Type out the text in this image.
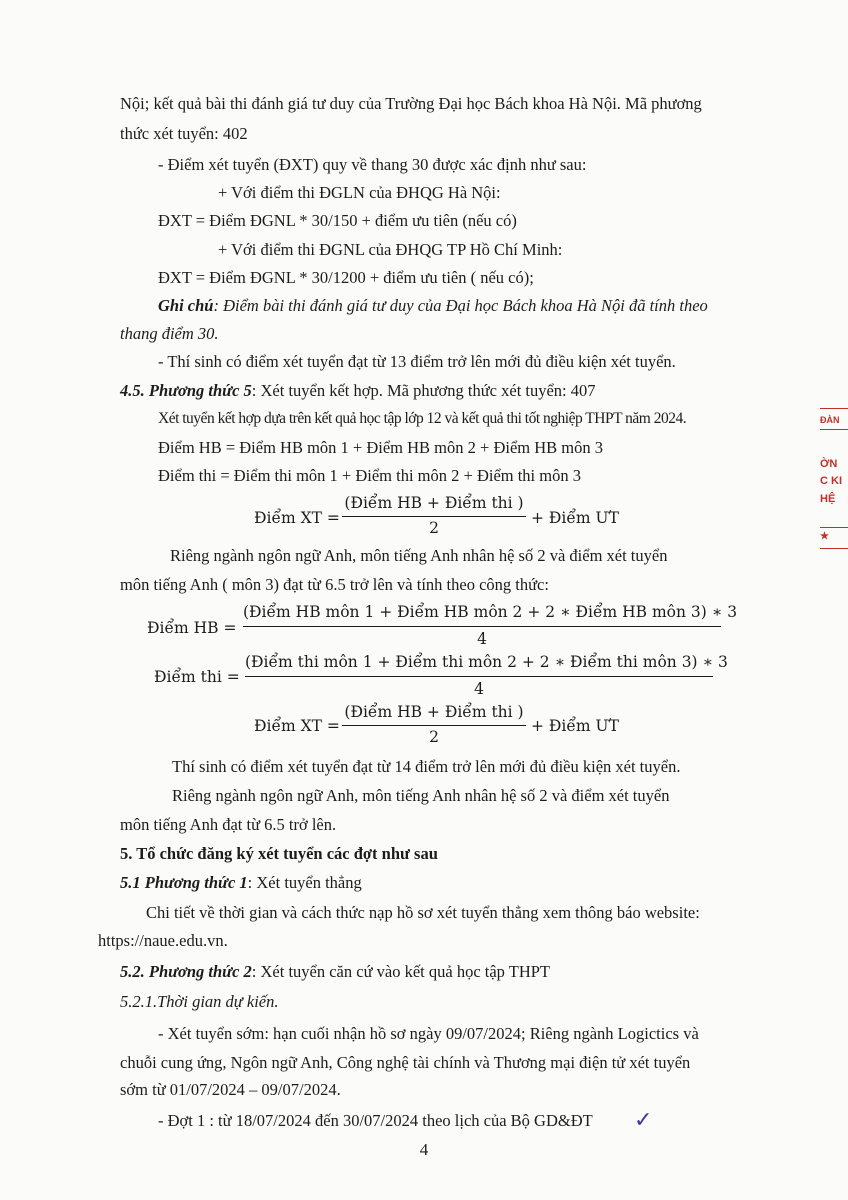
Nội; kết quả bài thi đánh giá tư duy của Trường Đại học Bách khoa Hà Nội. Mã phương
thức xét tuyển: 402
- Điểm xét tuyển (ĐXT) quy về thang 30 được xác định như sau:
+ Với điểm thi ĐGLN của ĐHQG Hà Nội:
ĐXT = Điểm ĐGNL * 30/150 + điểm ưu tiên (nếu có)
+ Với điểm thi ĐGNL của ĐHQG TP Hồ Chí Minh:
ĐXT = Điểm ĐGNL * 30/1200 + điểm ưu tiên ( nếu có);
Ghi chú: Điểm bài thi đánh giá tư duy của Đại học Bách khoa Hà Nội đã tính theo
thang điểm 30.
- Thí sinh có điểm xét tuyển đạt từ 13 điểm trở lên mới đủ điều kiện xét tuyển.
4.5. Phương thức 5: Xét tuyển kết hợp. Mã phương thức xét tuyển: 407
Xét tuyển kết hợp dựa trên kết quả học tập lớp 12 và kết quả thi tốt nghiệp THPT năm 2024.
Điểm HB = Điểm HB môn 1 + Điểm HB môn 2 + Điểm HB môn 3
Điểm thi = Điểm thi môn 1 + Điểm thi môn 2 + Điểm thi môn 3
Điểm XT =
(Điểm HB + Điểm thi )
2
+ Điểm ƯT
Riêng ngành ngôn ngữ Anh, môn tiếng Anh nhân hệ số 2 và điểm xét tuyển
môn tiếng Anh ( môn 3) đạt từ 6.5 trở lên và tính theo công thức:
Điểm HB =
(Điểm HB môn 1 + Điểm HB môn 2 + 2 ∗ Điểm HB môn 3) ∗ 3
4
Điểm thi =
(Điểm thi môn 1 + Điểm thi môn 2 + 2 ∗ Điểm thi môn 3) ∗ 3
4
Điểm XT =
(Điểm HB + Điểm thi )
2
+ Điểm ƯT
Thí sinh có điểm xét tuyển đạt từ 14 điểm trở lên mới đủ điều kiện xét tuyển.
Riêng ngành ngôn ngữ Anh, môn tiếng Anh nhân hệ số 2 và điểm xét tuyển
môn tiếng Anh đạt từ 6.5 trở lên.
5. Tổ chức đăng ký xét tuyển các đợt như sau
5.1 Phương thức 1: Xét tuyển thẳng
Chi tiết về thời gian và cách thức nạp hồ sơ xét tuyển thẳng xem thông báo website:
https://naue.edu.vn.
5.2. Phương thức 2: Xét tuyển căn cứ vào kết quả học tập THPT
5.2.1.Thời gian dự kiến.
- Xét tuyển sớm: hạn cuối nhận hồ sơ ngày 09/07/2024; Riêng ngành Logictics và
chuỗi cung ứng, Ngôn ngữ Anh, Công nghệ tài chính và Thương mại điện tử xét tuyển
sớm từ 01/07/2024 – 09/07/2024.
- Đợt 1 : từ 18/07/2024 đến 30/07/2024 theo lịch của Bộ GD&ĐT ✓
4
ĐÀN
ỜN
C KI
HỆ
★
